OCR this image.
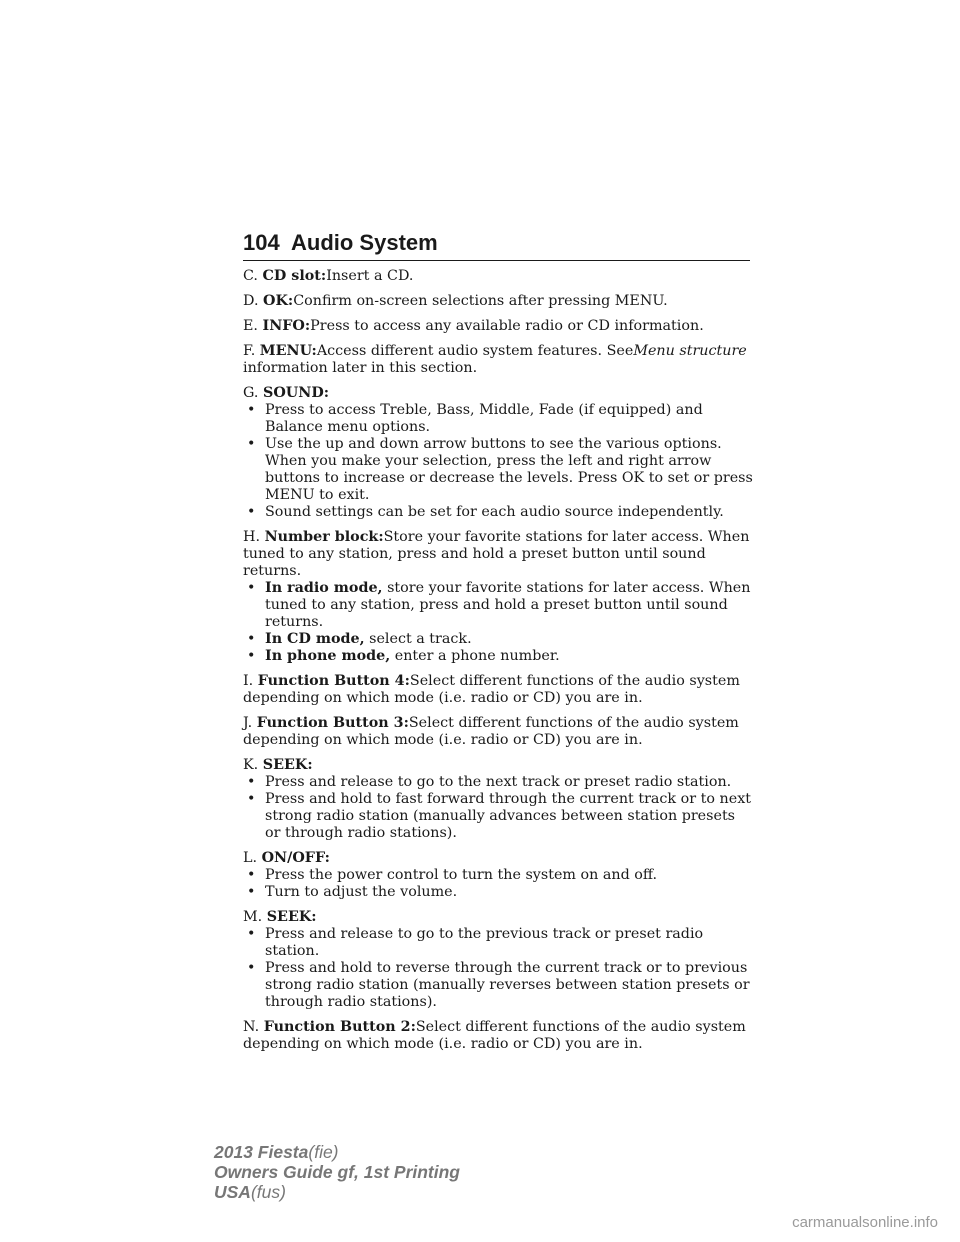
104 Audio System
C. CD slot:Insert a CD.
D. OK:Confirm on-screen selections after pressing MENU.
E. INFO:Press to access any available radio or CD information.
F. MENU:Access different audio system features. SeeMenu structure information later in this section.
G. SOUND:
• Press to access Treble, Bass, Middle, Fade (if equipped) and Balance menu options.
• Use the up and down arrow buttons to see the various options. When you make your selection, press the left and right arrow buttons to increase or decrease the levels. Press OK to set or press MENU to exit.
• Sound settings can be set for each audio source independently.
H. Number block:Store your favorite stations for later access. When tuned to any station, press and hold a preset button until sound returns.
• In radio mode, store your favorite stations for later access. When tuned to any station, press and hold a preset button until sound returns.
• In CD mode, select a track.
• In phone mode, enter a phone number.
I. Function Button 4:Select different functions of the audio system depending on which mode (i.e. radio or CD) you are in.
J. Function Button 3:Select different functions of the audio system depending on which mode (i.e. radio or CD) you are in.
K. SEEK:
• Press and release to go to the next track or preset radio station.
• Press and hold to fast forward through the current track or to next strong radio station (manually advances between station presets or through radio stations).
L. ON/OFF:
• Press the power control to turn the system on and off.
• Turn to adjust the volume.
M. SEEK:
• Press and release to go to the previous track or preset radio station.
• Press and hold to reverse through the current track or to previous strong radio station (manually reverses between station presets or through radio stations).
N. Function Button 2:Select different functions of the audio system depending on which mode (i.e. radio or CD) you are in.
2013 Fiesta(fie)
Owners Guide gf, 1st Printing
USA(fus)
carmanualsonline.info
